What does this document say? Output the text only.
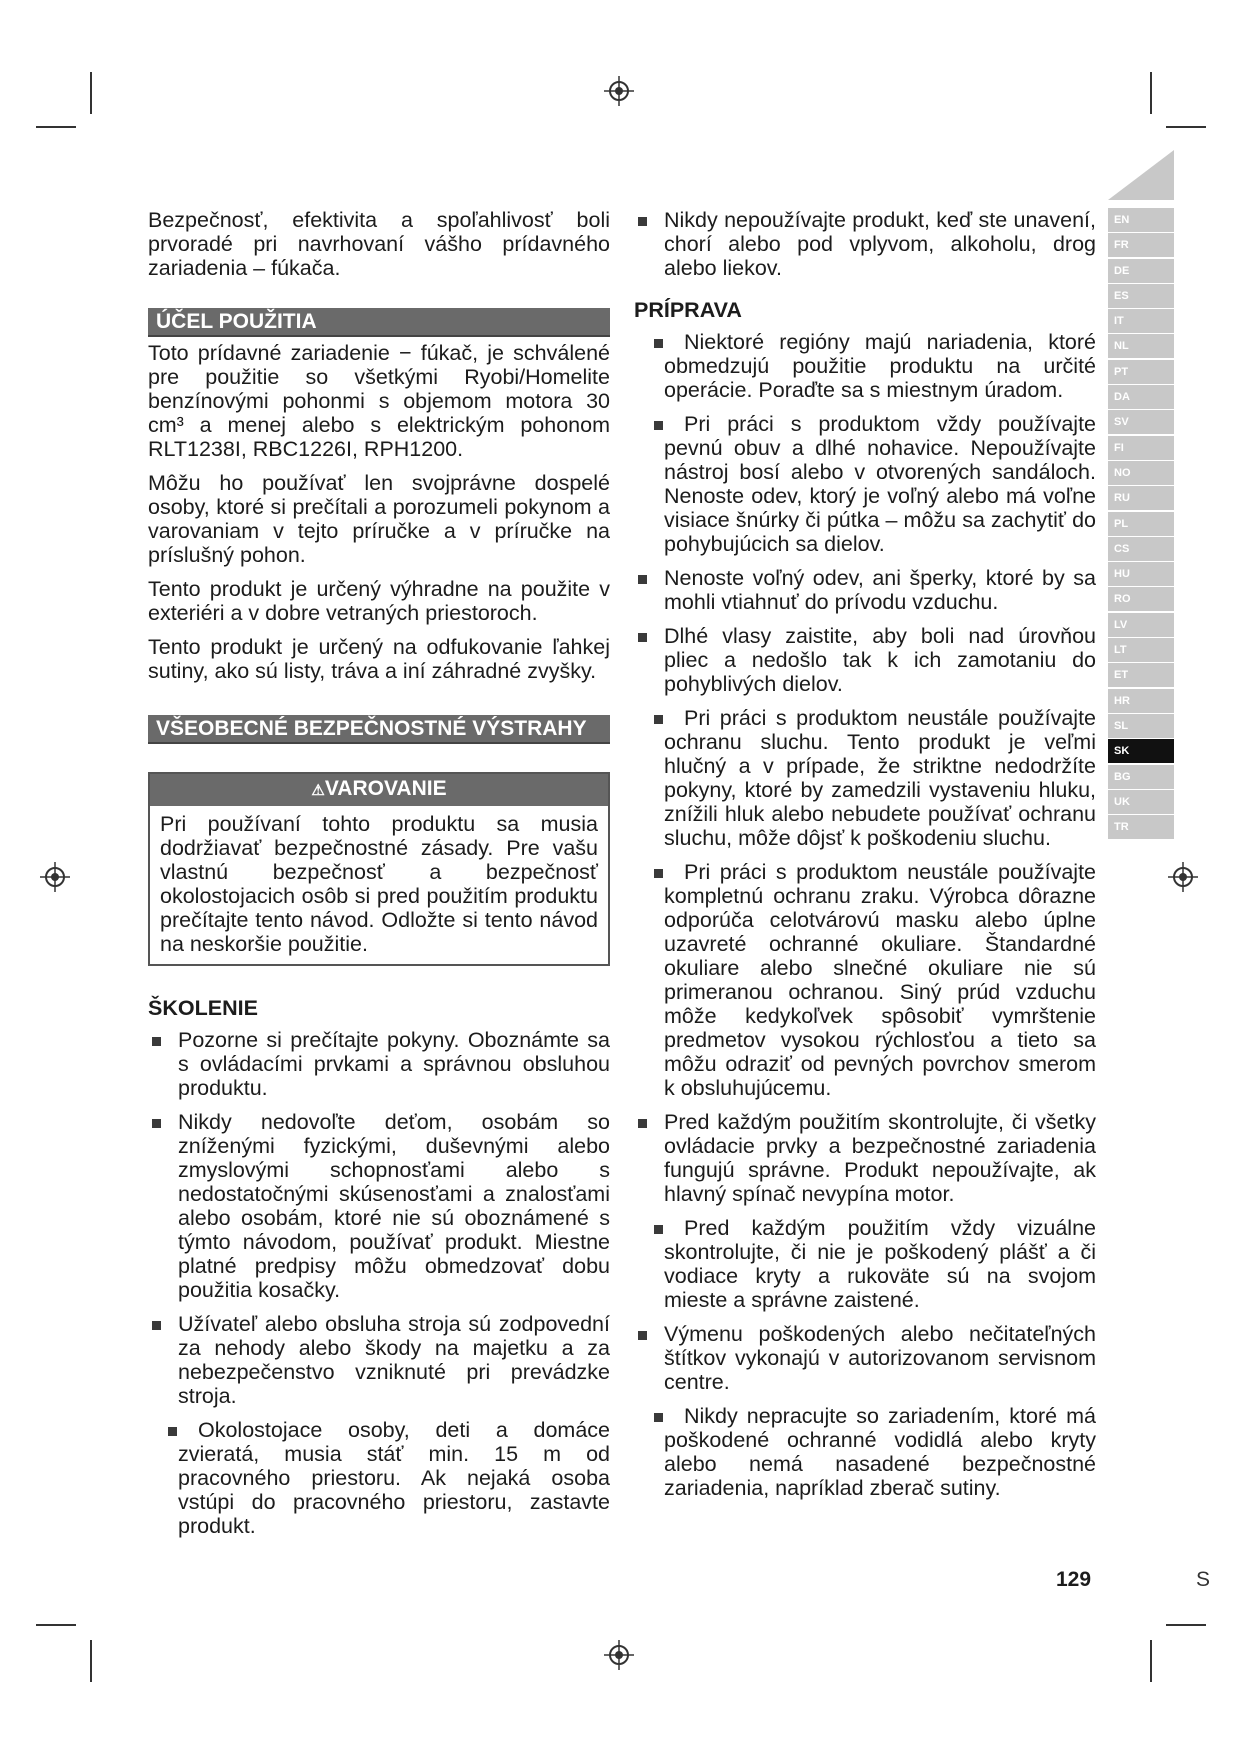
Bezpečnosť, efektivita a spoľahlivosť boli prvoradé pri navrhovaní vášho prídavného zariadenia – fúkača.

ÚČEL POUŽITIA

Toto prídavné zariadenie − fúkač, je schválené pre použitie so všetkými Ryobi/Homelite benzínovými pohonmi s objemom motora 30 cm³ a menej alebo s elektrickým pohonom RLT1238I, RBC1226I, RPH1200.

Môžu ho používať len svojprávne dospelé osoby, ktoré si prečítali a porozumeli pokynom a varovaniam v tejto príručke a v príručke na príslušný pohon.

Tento produkt je určený výhradne na použite v exteriéri a v dobre vetraných priestoroch.

Tento produkt je určený na odfukovanie ľahkej sutiny, ako sú listy, tráva a iní záhradné zvyšky.

VŠEOBECNÉ BEZPEČNOSTNÉ VÝSTRAHY
⚠VAROVANIE
Pri používaní tohto produktu sa musia dodržiavať bezpečnostné zásady. Pre vašu vlastnú bezpečnosť a bezpečnosť okolostojacich osôb si pred použitím produktu prečítajte tento návod. Odložte si tento návod na neskoršie použitie.
ŠKOLENIE
Pozorne si prečítajte pokyny. Oboznámte sa s ovládacími prvkami a správnou obsluhou produktu.
Nikdy nedovoľte deťom, osobám so zníženými fyzickými, duševnými alebo zmyslovými schopnosťami alebo s nedostatočnými skúsenosťami a znalosťami alebo osobám, ktoré nie sú oboznámené s týmto návodom, používať produkt. Miestne platné predpisy môžu obmedzovať dobu použitia kosačky.
Užívateľ alebo obsluha stroja sú zodpovední za nehody alebo škody na majetku a za nebezpečenstvo vzniknuté pri prevádzke stroja.
Okolostojace osoby, deti a domáce zvieratá, musia stáť min. 15 m od pracovného priestoru. Ak nejaká osoba vstúpi do pracovného priestoru, zastavte produkt.
Nikdy nepoužívajte produkt, keď ste unavení, chorí alebo pod vplyvom, alkoholu, drog alebo liekov.
PRÍPRAVA
Niektoré regióny majú nariadenia, ktoré obmedzujú použitie produktu na určité operácie. Poraďte sa s miestnym úradom.
Pri práci s produktom vždy používajte pevnú obuv a dlhé nohavice. Nepoužívajte nástroj bosí alebo v otvorených sandáloch. Nenoste odev, ktorý je voľný alebo má voľne visiace šnúrky či pútka – môžu sa zachytiť do pohybujúcich sa dielov.
Nenoste voľný odev, ani šperky, ktoré by sa mohli vtiahnuť do prívodu vzduchu.
Dlhé vlasy zaistite, aby boli nad úrovňou pliec a nedošlo tak k ich zamotaniu do pohyblivých dielov.
Pri práci s produktom neustále používajte ochranu sluchu. Tento produkt je veľmi hlučný a v prípade, že striktne nedodržíte pokyny, ktoré by zamedzili vystaveniu hluku, znížili hluk alebo nebudete používať ochranu sluchu, môže dôjsť k poškodeniu sluchu.
Pri práci s produktom neustále používajte kompletnú ochranu zraku. Výrobca dôrazne odporúča celotvárovú masku alebo úplne uzavreté ochranné okuliare. Štandardné okuliare alebo slnečné okuliare nie sú primeranou ochranou. Siný prúd vzduchu môže kedykoľvek spôsobiť vymrštenie predmetov vysokou rýchlosťou a tieto sa môžu odraziť od pevných povrchov smerom k obsluhujúcemu.
Pred každým použitím skontrolujte, či všetky ovládacie prvky a bezpečnostné zariadenia fungujú správne. Produkt nepoužívajte, ak hlavný spínač nevypína motor.
Pred každým použitím vždy vizuálne skontrolujte, či nie je poškodený plášť a či vodiace kryty a rukoväte sú na svojom mieste a správne zaistené.
Výmenu poškodených alebo nečitateľných štítkov vykonajú v autorizovanom servisnom centre.
Nikdy nepracujte so zariadením, ktoré má poškodené ochranné vodidlá alebo kryty alebo nemá nasadené bezpečnostné zariadenia, napríklad zberač sutiny.
EN
FR
DE
ES
IT
NL
PT
DA
SV
FI
NO
RU
PL
CS
HU
RO
LV
LT
ET
HR
SL
SK
BG
UK
TR
129	S
